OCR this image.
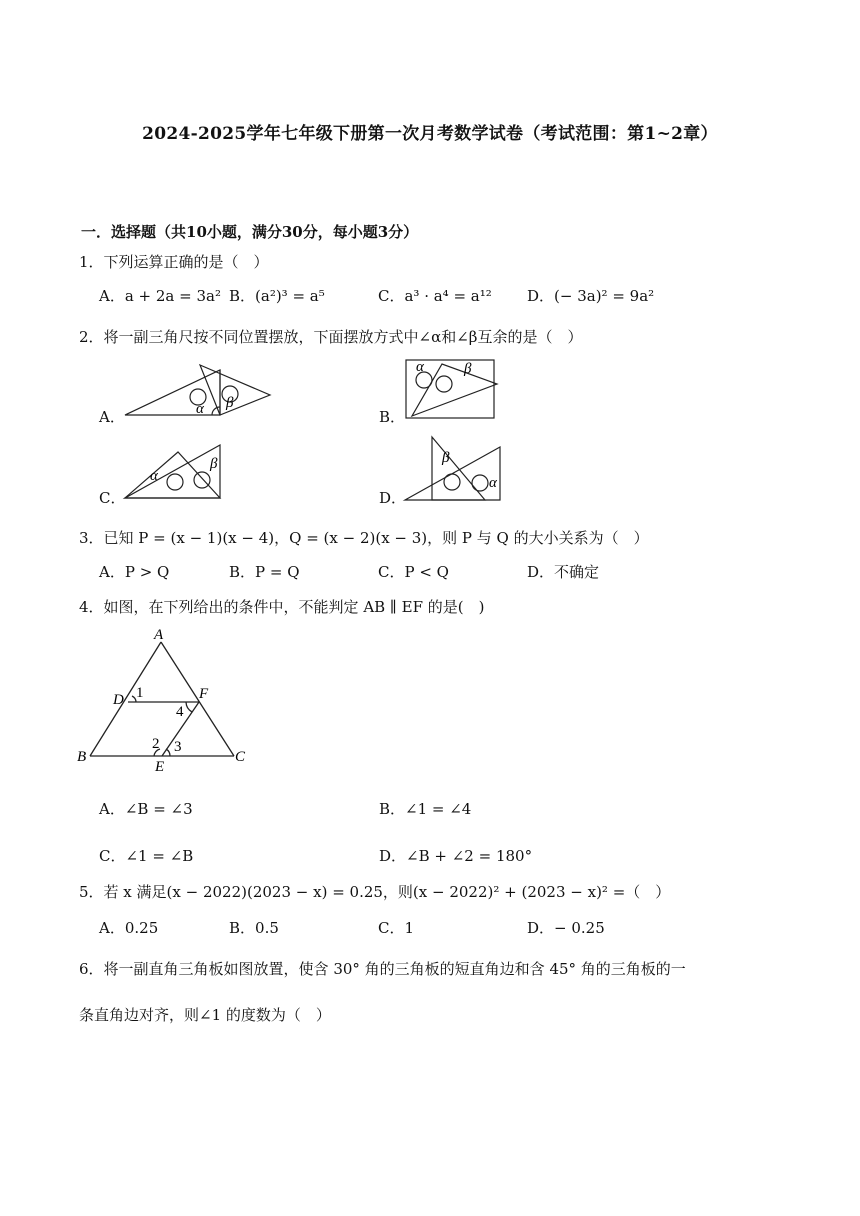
2024-2025学年七年级下册第一次月考数学试卷（考试范围：第1~2章）
一．选择题（共10小题，满分30分，每小题3分）
1．下列运算正确的是（　）
A．a + 2a = 3a² B．(a²)³ = a⁵	C．a³ · a⁴ = a¹² D．(− 3a)² = 9a²
2．将一副三角尺按不同位置摆放，下面摆放方式中∠α和∠β互余的是（　）
A．	α β
B．
α	β
C．
α
β
D．
β
α
3．已知 P = (x − 1)(x − 4)，Q = (x − 2)(x − 3)，则 P 与 Q 的大小关系为（　）
A．P > Q	B．P = Q	C．P < Q	D．不确定
4．如图，在下列给出的条件中，不能判定 AB ∥ EF 的是(　)
A
B	C
D
E
F
1
2 3
4
A．∠B = ∠3	B．∠1 = ∠4
C．∠1 = ∠B	D．∠B + ∠2 = 180°
5．若 x 满足(x − 2022)(2023 − x) = 0.25，则(x − 2022)² + (2023 − x)² =（　）
A．0.25	B．0.5	C．1	D．− 0.25
6．将一副直角三角板如图放置，使含 30° 角的三角板的短直角边和含 45° 角的三角板的一
条直角边对齐，则∠1 的度数为（　）
